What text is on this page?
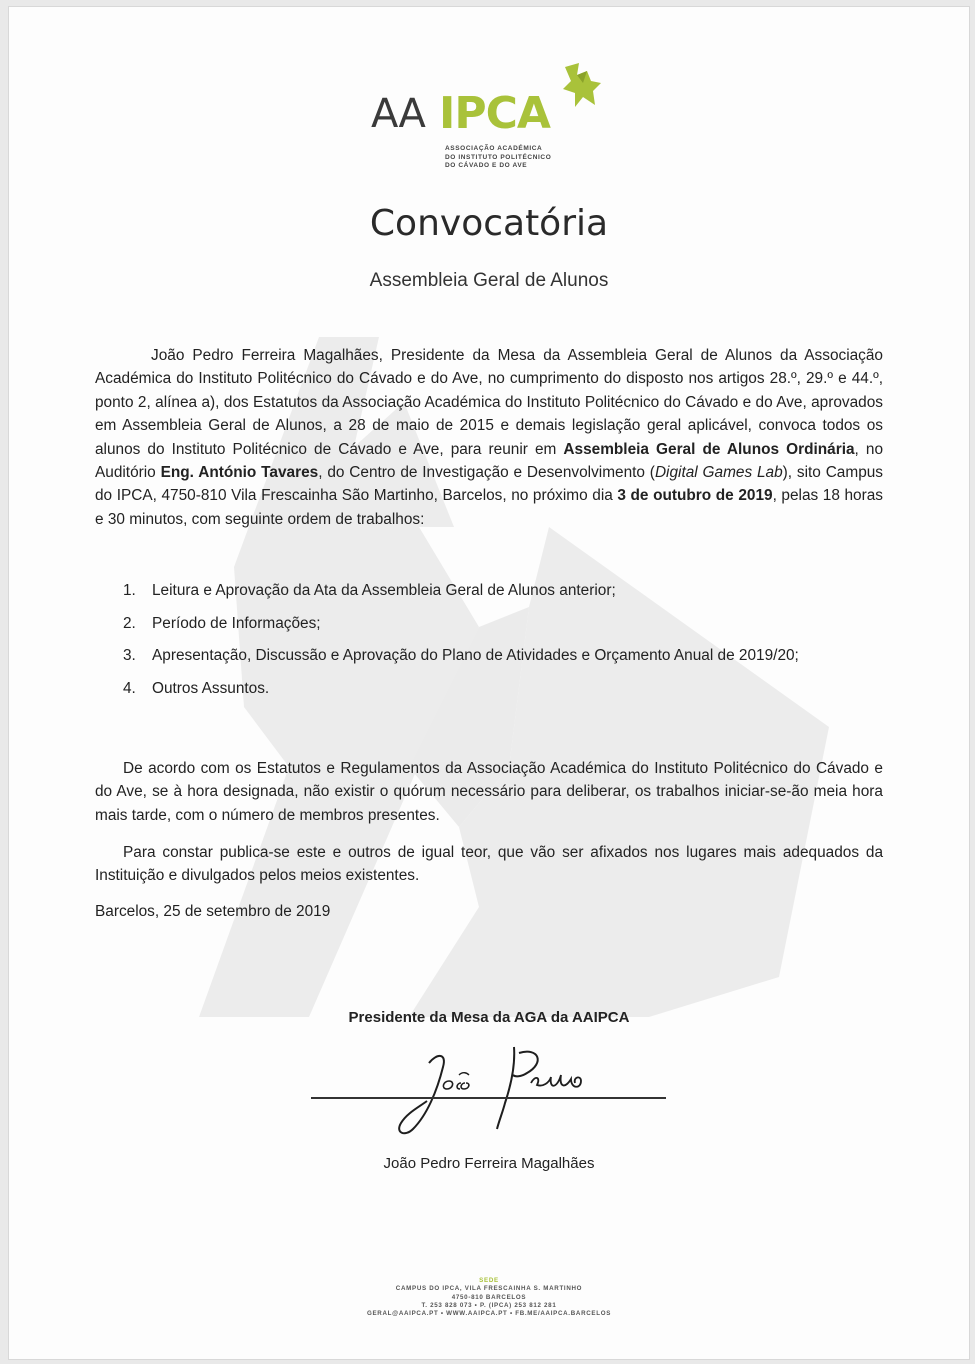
AA IPCA
ASSOCIAÇÃO ACADÉMICA
DO INSTITUTO POLITÉCNICO
DO CÁVADO E DO AVE
Convocatória
Assembleia Geral de Alunos
João Pedro Ferreira Magalhães, Presidente da Mesa da Assembleia Geral de Alunos da Associação Académica do Instituto Politécnico do Cávado e do Ave, no cumprimento do disposto nos artigos 28.º, 29.º e 44.º, ponto 2, alínea a), dos Estatutos da Associação Académica do Instituto Politécnico do Cávado e do Ave, aprovados em Assembleia Geral de Alunos, a 28 de maio de 2015 e demais legislação geral aplicável, convoca todos os alunos do Instituto Politécnico de Cávado e Ave, para reunir em Assembleia Geral de Alunos Ordinária, no Auditório Eng. António Tavares, do Centro de Investigação e Desenvolvimento (Digital Games Lab), sito Campus do IPCA, 4750-810 Vila Frescainha São Martinho, Barcelos, no próximo dia 3 de outubro de 2019, pelas 18 horas e 30 minutos, com seguinte ordem de trabalhos:
1.	Leitura e Aprovação da Ata da Assembleia Geral de Alunos anterior;
2.	Período de Informações;
3.	Apresentação, Discussão e Aprovação do Plano de Atividades e Orçamento Anual de 2019/20;
4.	Outros Assuntos.
De acordo com os Estatutos e Regulamentos da Associação Académica do Instituto Politécnico do Cávado e do Ave, se à hora designada, não existir o quórum necessário para deliberar, os trabalhos iniciar-se-ão meia hora mais tarde, com o número de membros presentes.
Para constar publica-se este e outros de igual teor, que vão ser afixados nos lugares mais adequados da Instituição e divulgados pelos meios existentes.
Barcelos, 25 de setembro de 2019
Presidente da Mesa da AGA da AAIPCA
João Pedro Ferreira Magalhães
SEDE
CAMPUS DO IPCA, VILA FRESCAINHA S. MARTINHO
4750-810 BARCELOS
T. 253 828 073 • P. (IPCA) 253 812 281
GERAL@AAIPCA.PT • WWW.AAIPCA.PT • FB.ME/AAIPCA.BARCELOS
